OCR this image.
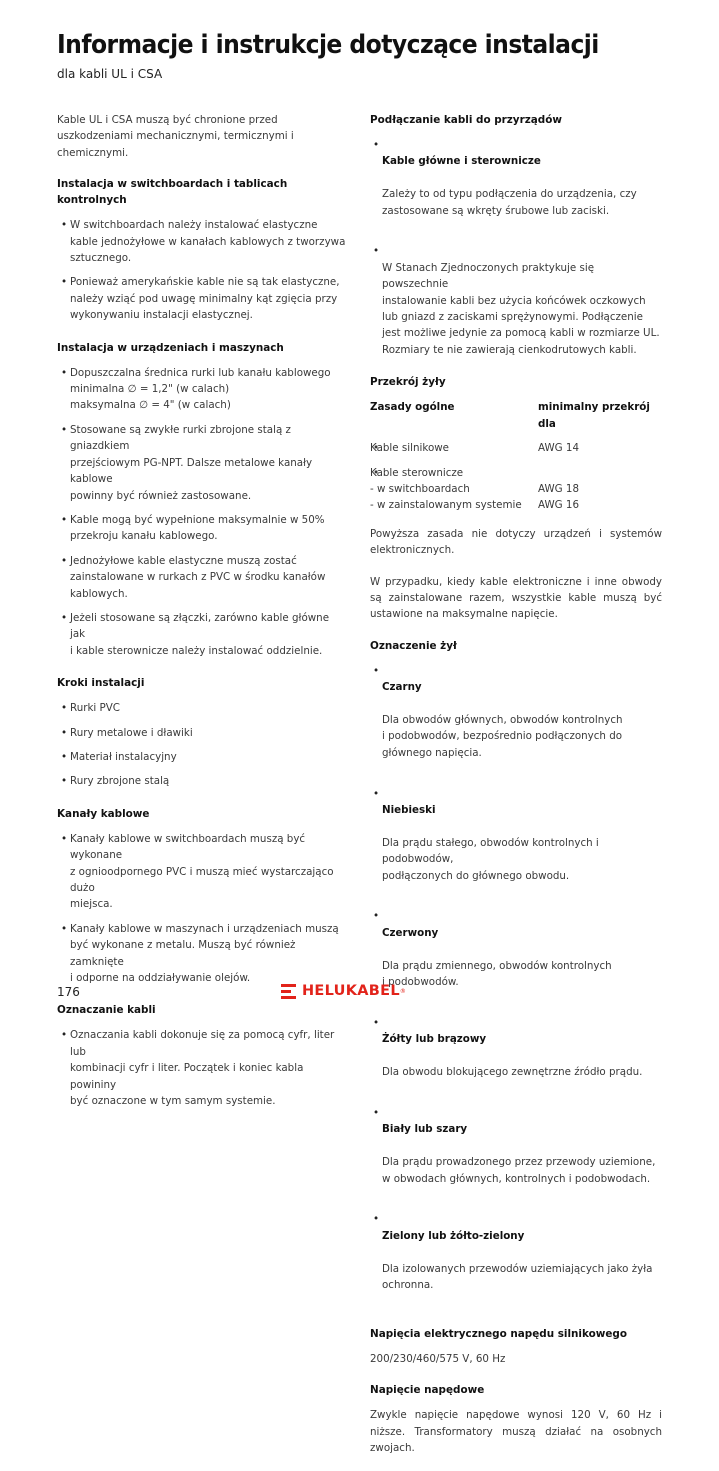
Informacje i instrukcje dotyczące instalacji
dla kabli UL i CSA

Kable UL i CSA muszą być chronione przed uszkodzeniami mechanicznymi, termicznymi i chemicznymi.

Instalacja w switchboardach i tablicach kontrolnych
• W switchboardach należy instalować elastyczne
kable jednożyłowe w kanałach kablowych z tworzywa
sztucznego.
• Ponieważ amerykańskie kable nie są tak elastyczne,
należy wziąć pod uwagę minimalny kąt zgięcia przy
wykonywaniu instalacji elastycznej.
Instalacja w urządzeniach i maszynach
• Dopuszczalna średnica rurki lub kanału kablowego
minimalna ∅ = 1,2" (w calach)
maksymalna ∅ = 4" (w calach)
• Stosowane są zwykłe rurki zbrojone stalą z gniazdkiem
przejściowym PG-NPT. Dalsze metalowe kanały kablowe
powinny być również zastosowane.
• Kable mogą być wypełnione maksymalnie w 50%
przekroju kanału kablowego.
• Jednożyłowe kable elastyczne muszą zostać
zainstalowane w rurkach z PVC w środku kanałów
kablowych.
• Jeżeli stosowane są złączki, zarówno kable główne jak
i kable sterownicze należy instalować oddzielnie.
Kroki instalacji
• Rurki PVC
• Rury metalowe i dławiki
• Materiał instalacyjny
• Rury zbrojone stalą
Kanały kablowe
• Kanały kablowe w switchboardach muszą być wykonane
z ognioodpornego PVC i muszą mieć wystarczająco dużo
miejsca.
• Kanały kablowe w maszynach i urządzeniach muszą
być wykonane z metalu. Muszą być również zamknięte
i odporne na oddziaływanie olejów.
Oznaczanie kabli
• Oznaczania kabli dokonuje się za pomocą cyfr, liter lub
kombinacji cyfr i liter. Początek i koniec kabla powininy
być oznaczone w tym samym systemie.
Podłączanie kabli do przyrządów

• Kable główne i sterownicze

Zależy to od typu podłączenia do urządzenia, czy
zastosowane są wkręty śrubowe lub zaciski.

• W Stanach Zjednoczonych praktykuje się powszechnie
instalowanie kabli bez użycia końcówek oczkowych
lub gniazd z zaciskami sprężynowymi. Podłączenie
jest możliwe jedynie za pomocą kabli w rozmiarze UL.
Rozmiary te nie zawierają cienkodrutowych kabli.

Przekrój żyły
Zasady ogólne	minimalny przekrój dla
• Kable silnikowe	AWG 14

• Kable sterownicze	
- w switchboardach	AWG 18
- w zainstalowanym systemie	AWG 16

Powyższa zasada nie dotyczy urządzeń i systemów elektronicznych.

W przypadku, kiedy kable elektroniczne i inne obwody są zainstalowane razem, wszystkie kable muszą być ustawione na maksymalne napięcie.

Oznaczenie żył

• Czarny

Dla obwodów głównych, obwodów kontrolnych
i podobwodów, bezpośrednio podłączonych do
głównego napięcia.

• Niebieski

Dla prądu stałego, obwodów kontrolnych i podobwodów,
podłączonych do głównego obwodu.

• Czerwony

Dla prądu zmiennego, obwodów kontrolnych
i podobwodów.

• Żółty lub brązowy

Dla obwodu blokującego zewnętrzne źródło prądu.

• Biały lub szary

Dla prądu prowadzonego przez przewody uziemione,
w obwodach głównych, kontrolnych i podobwodach.

• Zielony lub żółto-zielony

Dla izolowanych przewodów uziemiających jako żyła
ochronna.

Napięcia elektrycznego napędu silnikowego

200/230/460/575 V, 60 Hz

Napięcie napędowe

Zwykle napięcie napędowe wynosi 120 V, 60 Hz i niższe. Transformatory muszą działać na osobnych zwojach.

176	HELUKABEL ®
